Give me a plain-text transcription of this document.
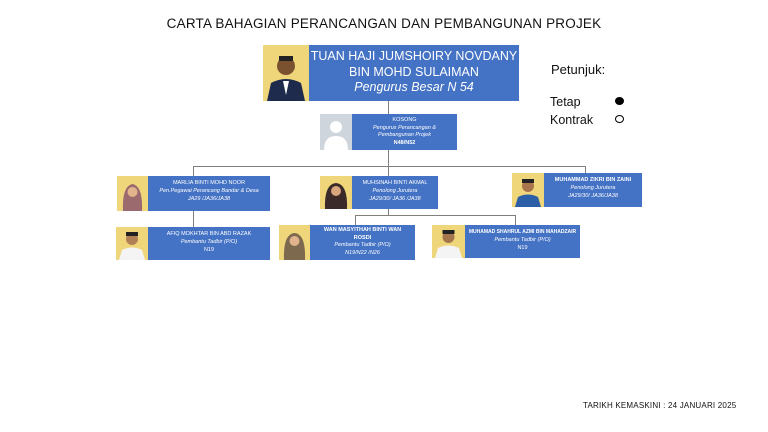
CARTA BAHAGIAN PERANCANGAN DAN PEMBANGUNAN PROJEK
TUAN HAJI JUMSHOIRY NOVDANY
BIN MOHD SULAIMAN
Pengurus Besar N 54
KOSONG
Pengurus Perancangan &
Pembangunan Projek
N48/N52
MARLIA BINTI MOHD NOOR
Pen.Pegawai Perancang Bandar & Desa
JA29 /JA36/JA38
MUHSINAH BINTI AKMAL
Penolong Jurutera
JA29/30/ JA36 /JA38
MUHAMMAD ZIKRI BIN ZAINI
Penolong Jurutera
JA29/30/ JA36/JA38
AFIQ MOKHTAR BIN ABD RAZAK
Pembantu Tadbir (P/O)
N19
WAN MASYITHAH BINTI WAN
ROSDI
Pembantu Tadbir (P/O)
N19/N22 /N26
MUHAMAD SHAHRUL AZMI BIN MAHADZAIR
Pembantu Tadbir (P/O)
N19
Petunjuk:
Tetap
Kontrak
TARIKH KEMASKINI : 24 JANUARI 2025
